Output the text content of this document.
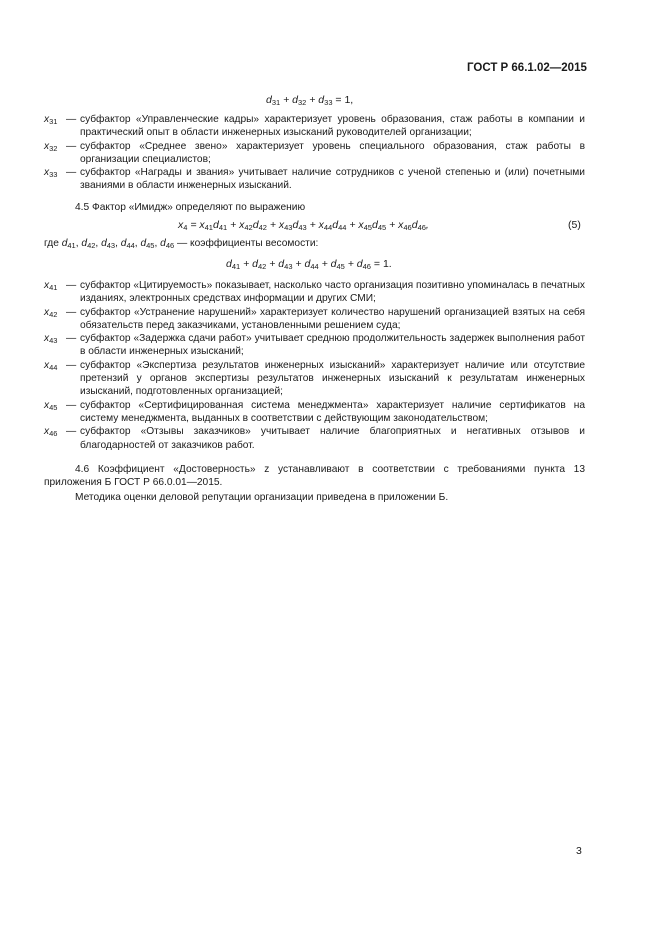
ГОСТ Р 66.1.02—2015
$d_{31} + d_{32} + d_{33} = 1$,
$x_{31}$ — субфактор «Управленческие кадры» характеризует уровень образования, стаж работы в компании и практический опыт в области инженерных изысканий руководителей организации;
$x_{32}$ — субфактор «Среднее звено» характеризует уровень специального образования, стаж работы в организации специалистов;
$x_{33}$ — субфактор «Награды и звания» учитывает наличие сотрудников с ученой степенью и (или) почетными званиями в области инженерных изысканий.
4.5 Фактор «Имидж» определяют по выражению
$x_4 = x_{41}d_{41} + x_{42}d_{42} + x_{43}d_{43} + x_{44}d_{44} + x_{45}d_{45} + x_{46}d_{46}$,	(5)
где $d_{41}$, $d_{42}$, $d_{43}$, $d_{44}$, $d_{45}$, $d_{46}$ — коэффициенты весомости:
$d_{41} + d_{42} + d_{43} + d_{44} + d_{45} + d_{46} = 1$.
$x_{41}$ — субфактор «Цитируемость» показывает, насколько часто организация позитивно упоминалась в печатных изданиях, электронных средствах информации и других СМИ;
$x_{42}$ — субфактор «Устранение нарушений» характеризует количество нарушений организацией взятых на себя обязательств перед заказчиками, установленными решением суда;
$x_{43}$ — субфактор «Задержка сдачи работ» учитывает среднюю продолжительность задержек выполнения работ в области инженерных изысканий;
$x_{44}$ — субфактор «Экспертиза результатов инженерных изысканий» характеризует наличие или отсутствие претензий у органов экспертизы результатов инженерных изысканий к результатам инженерных изысканий, подготовленных организацией;
$x_{45}$ — субфактор «Сертифицированная система менеджмента» характеризует наличие сертификатов на систему менеджмента, выданных в соответствии с действующим законодательством;
$x_{46}$ — субфактор «Отзывы заказчиков» учитывает наличие благоприятных и негативных отзывов и благодарностей от заказчиков работ.
4.6 Коэффициент «Достоверность» z устанавливают в соответствии с требованиями пункта 13 приложения Б ГОСТ Р 66.0.01—2015.
Методика оценки деловой репутации организации приведена в приложении Б.
3
